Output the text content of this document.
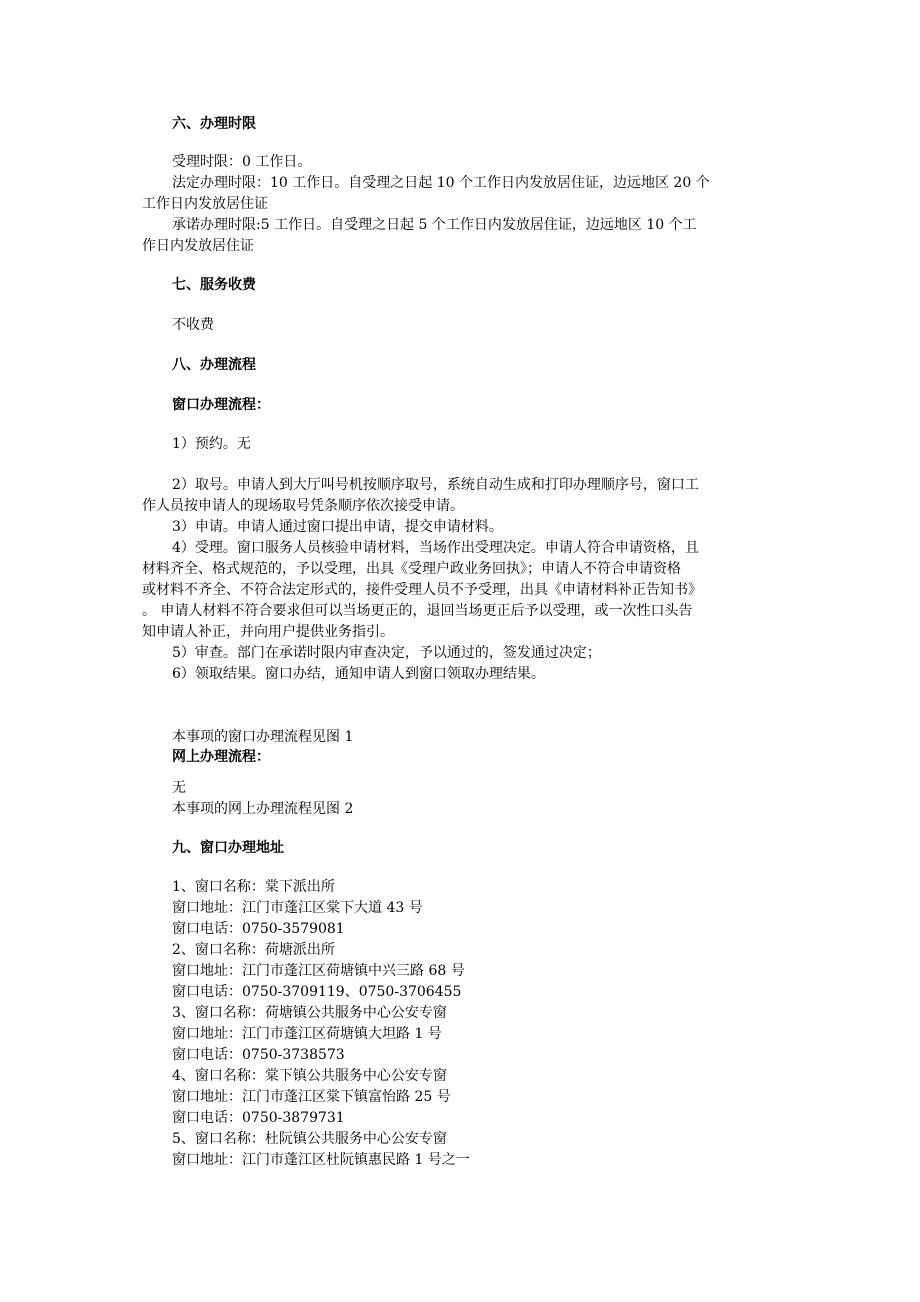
六、办理时限
受理时限：0 工作日。
法定办理时限：10 工作日。自受理之日起 10 个工作日内发放居住证，边远地区 20 个
工作日内发放居住证
承诺办理时限:5 工作日。自受理之日起 5 个工作日内发放居住证，边远地区 10 个工
作日内发放居住证
七、服务收费
不收费
八、办理流程
窗口办理流程：
1）预约。无
2）取号。申请人到大厅叫号机按顺序取号，系统自动生成和打印办理顺序号，窗口工
作人员按申请人的现场取号凭条顺序依次接受申请。
3）申请。申请人通过窗口提出申请，提交申请材料。
4）受理。窗口服务人员核验申请材料，当场作出受理决定。申请人符合申请资格，且
材料齐全、格式规范的，予以受理，出具《受理户政业务回执》；申请人不符合申请资格
或材料不齐全、不符合法定形式的，接件受理人员不予受理，出具《申请材料补正告知书》
。 申请人材料不符合要求但可以当场更正的，退回当场更正后予以受理，或一次性口头告
知申请人补正，并向用户提供业务指引。
5）审查。部门在承诺时限内审查决定，予以通过的，签发通过决定；
6）领取结果。窗口办结，通知申请人到窗口领取办理结果。
本事项的窗口办理流程见图 1
网上办理流程：
无
本事项的网上办理流程见图 2
九、窗口办理地址
1、窗口名称：棠下派出所
窗口地址：江门市蓬江区棠下大道 43 号
窗口电话：0750-3579081
2、窗口名称：荷塘派出所
窗口地址：江门市蓬江区荷塘镇中兴三路 68 号
窗口电话：0750-3709119、0750-3706455
3、窗口名称：荷塘镇公共服务中心公安专窗
窗口地址：江门市蓬江区荷塘镇大坦路 1 号
窗口电话：0750-3738573
4、窗口名称：棠下镇公共服务中心公安专窗
窗口地址：江门市蓬江区棠下镇富怡路 25 号
窗口电话：0750-3879731
5、窗口名称：杜阮镇公共服务中心公安专窗
窗口地址：江门市蓬江区杜阮镇惠民路 1 号之一
